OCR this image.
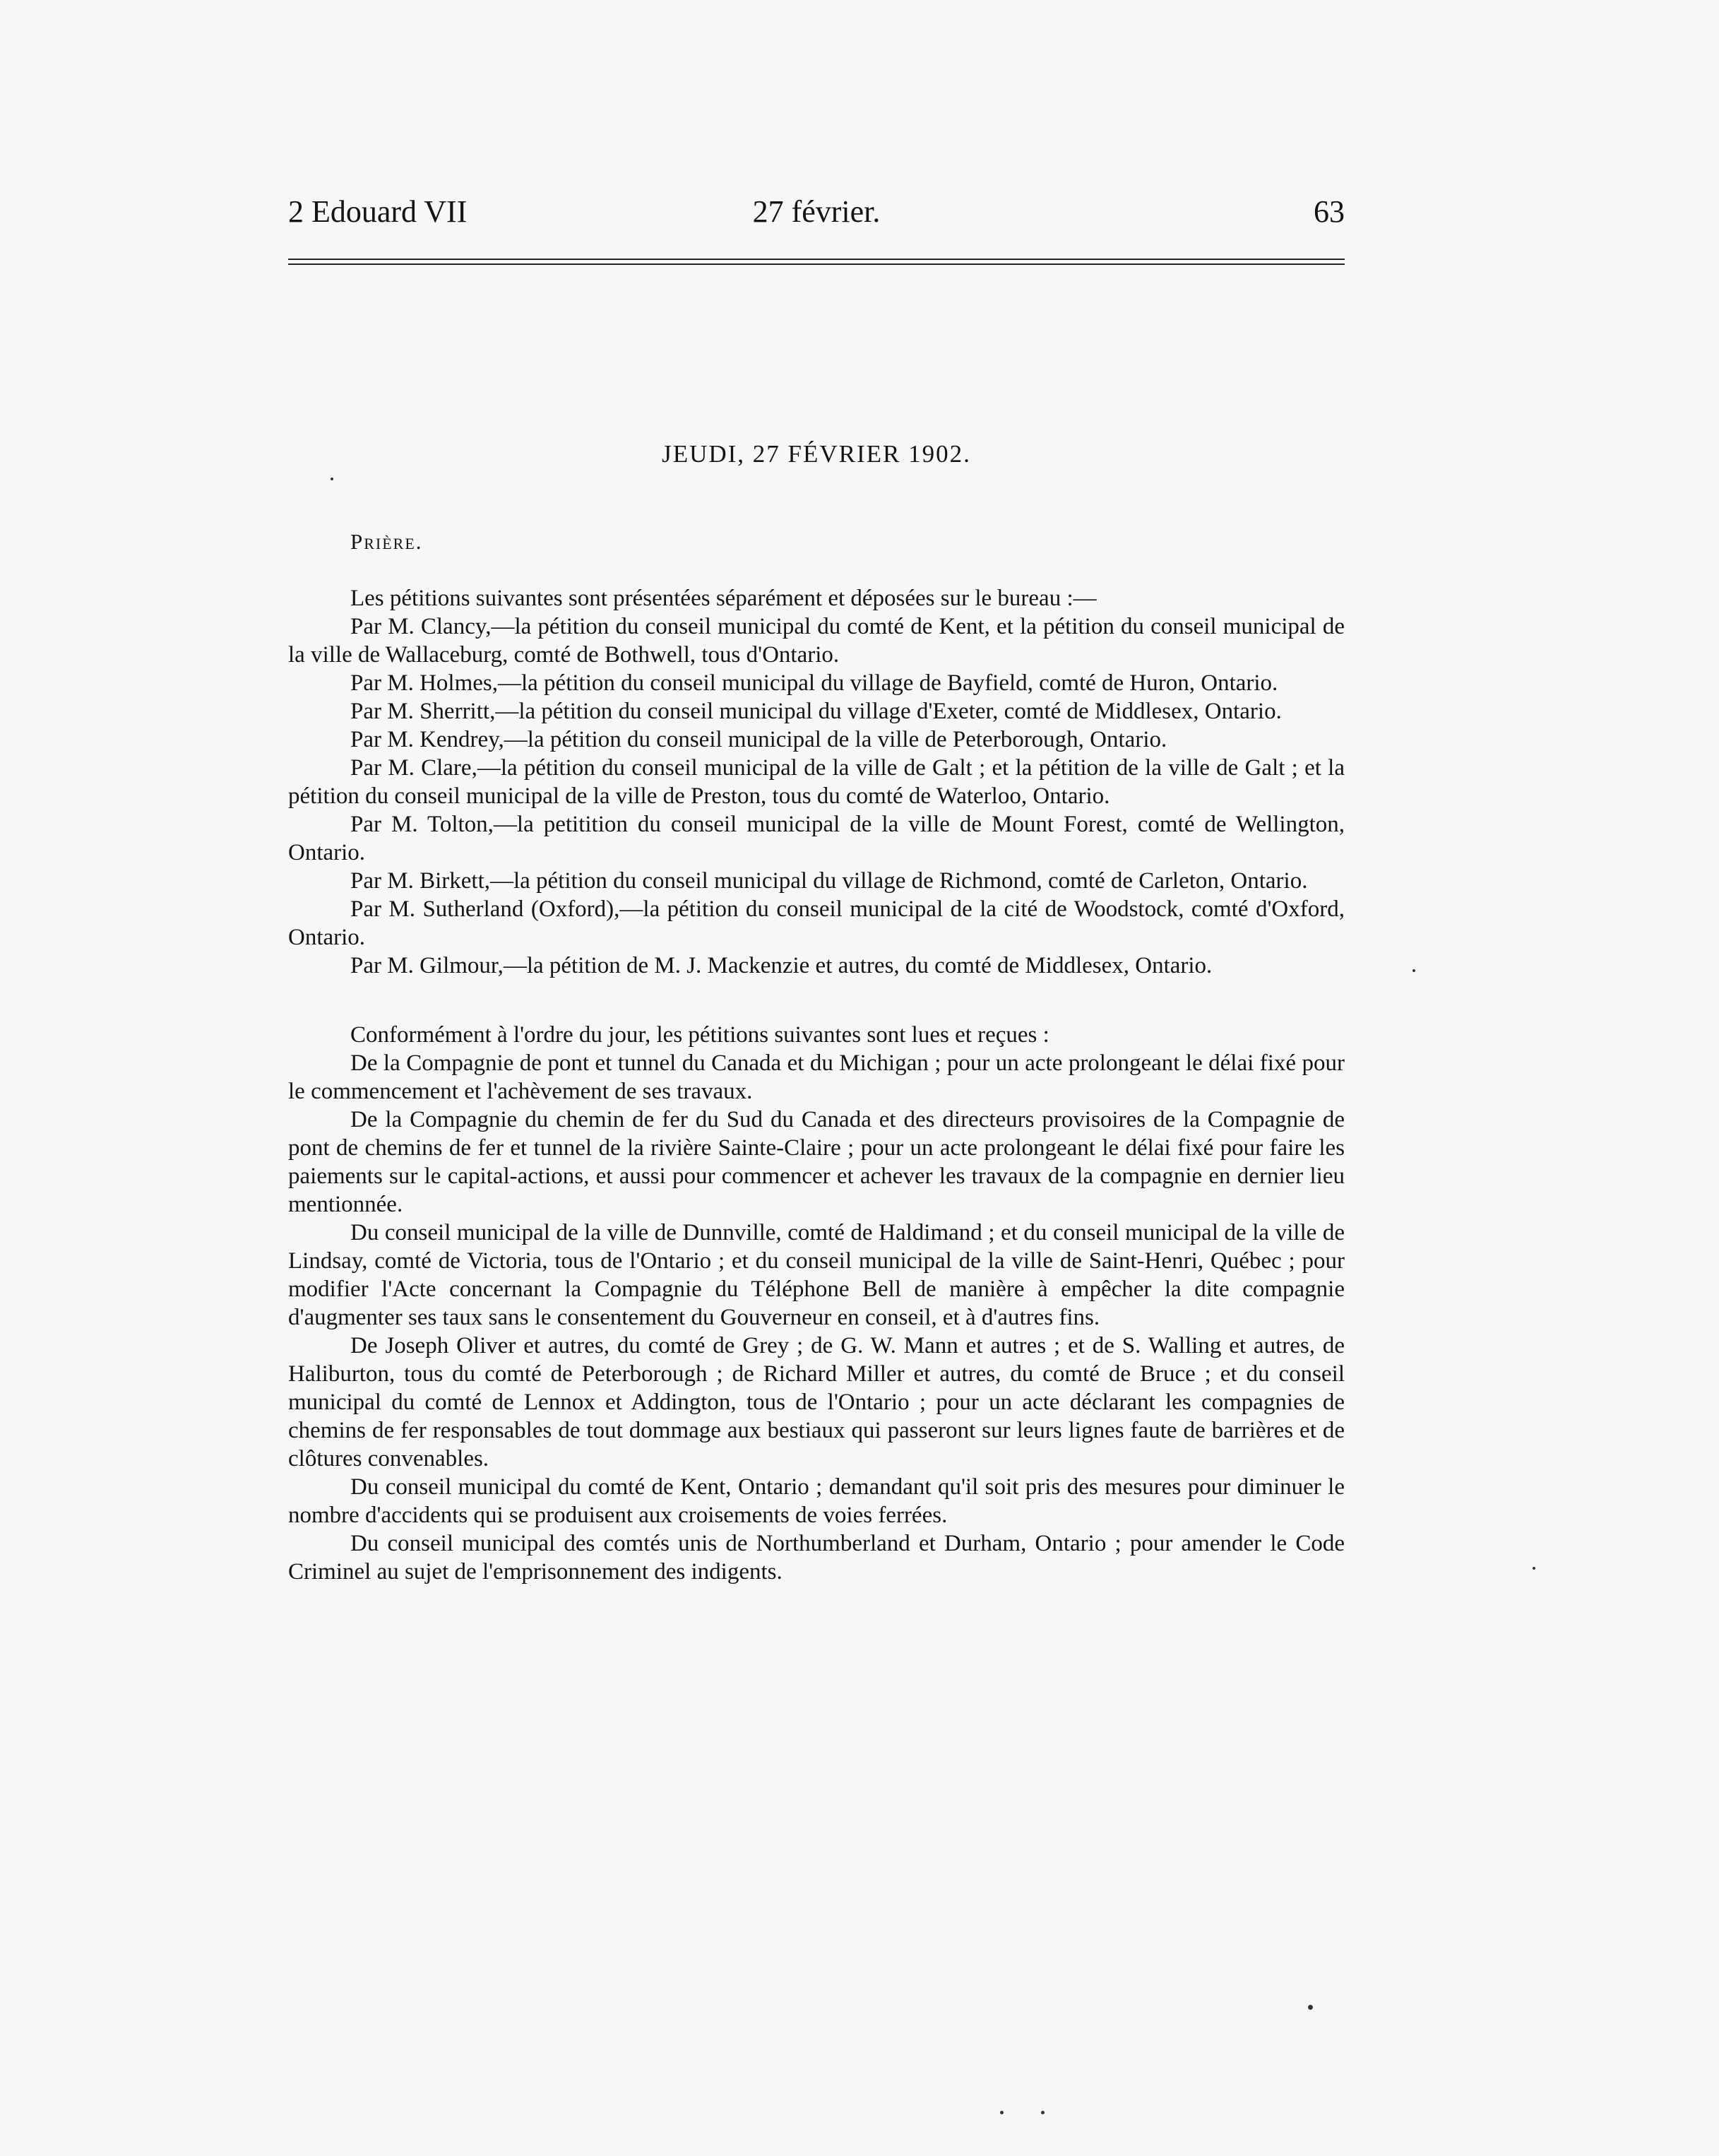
2 Edouard VII	27 février.	63
JEUDI, 27 FÉVRIER 1902.
Prière.

Les pétitions suivantes sont présentées séparément et déposées sur le bureau :—

Par M. Clancy,—la pétition du conseil municipal du comté de Kent, et la pétition du conseil municipal de la ville de Wallaceburg, comté de Bothwell, tous d'Ontario.

Par M. Holmes,—la pétition du conseil municipal du village de Bayfield, comté de Huron, Ontario.

Par M. Sherritt,—la pétition du conseil municipal du village d'Exeter, comté de Middlesex, Ontario.

Par M. Kendrey,—la pétition du conseil municipal de la ville de Peterborough, Ontario.

Par M. Clare,—la pétition du conseil municipal de la ville de Galt ; et la pétition de la ville de Galt ; et la pétition du conseil municipal de la ville de Preston, tous du comté de Waterloo, Ontario.

Par M. Tolton,—la petitition du conseil municipal de la ville de Mount Forest, comté de Wellington, Ontario.

Par M. Birkett,—la pétition du conseil municipal du village de Richmond, comté de Carleton, Ontario.

Par M. Sutherland (Oxford),—la pétition du conseil municipal de la cité de Woodstock, comté d'Oxford, Ontario.

Par M. Gilmour,—la pétition de M. J. Mackenzie et autres, du comté de Middlesex, Ontario.

Conformément à l'ordre du jour, les pétitions suivantes sont lues et reçues :

De la Compagnie de pont et tunnel du Canada et du Michigan ; pour un acte prolongeant le délai fixé pour le commencement et l'achèvement de ses travaux.

De la Compagnie du chemin de fer du Sud du Canada et des directeurs provisoires de la Compagnie de pont de chemins de fer et tunnel de la rivière Sainte-Claire ; pour un acte prolongeant le délai fixé pour faire les paiements sur le capital-actions, et aussi pour commencer et achever les travaux de la compagnie en dernier lieu mentionnée.

Du conseil municipal de la ville de Dunnville, comté de Haldimand ; et du conseil municipal de la ville de Lindsay, comté de Victoria, tous de l'Ontario ; et du conseil municipal de la ville de Saint-Henri, Québec ; pour modifier l'Acte concernant la Compagnie du Téléphone Bell de manière à empêcher la dite compagnie d'augmenter ses taux sans le consentement du Gouverneur en conseil, et à d'autres fins.

De Joseph Oliver et autres, du comté de Grey ; de G. W. Mann et autres ; et de S. Walling et autres, de Haliburton, tous du comté de Peterborough ; de Richard Miller et autres, du comté de Bruce ; et du conseil municipal du comté de Lennox et Addington, tous de l'Ontario ; pour un acte déclarant les compagnies de chemins de fer responsables de tout dommage aux bestiaux qui passeront sur leurs lignes faute de barrières et de clôtures convenables.

Du conseil municipal du comté de Kent, Ontario ; demandant qu'il soit pris des mesures pour diminuer le nombre d'accidents qui se produisent aux croisements de voies ferrées.

Du conseil municipal des comtés unis de Northumberland et Durham, Ontario ; pour amender le Code Criminel au sujet de l'emprisonnement des indigents.
